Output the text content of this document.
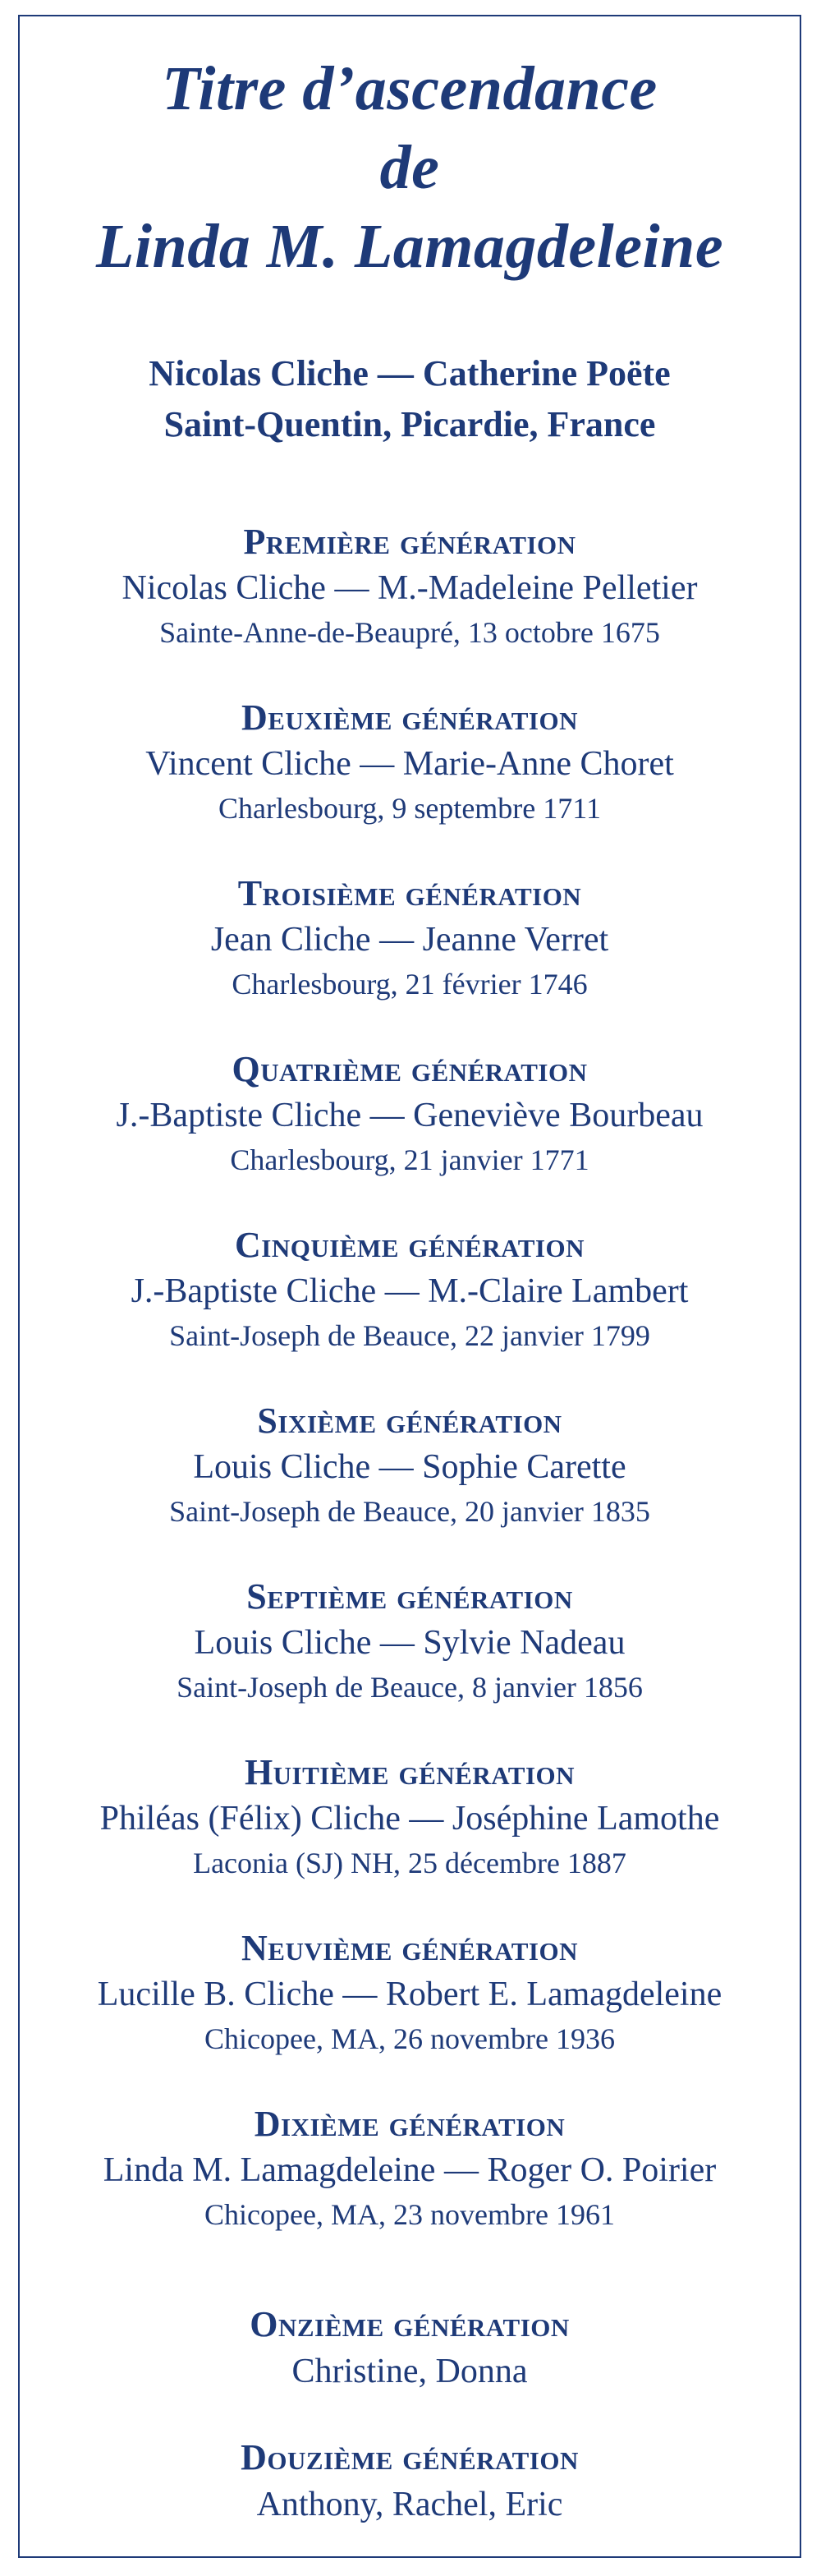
Titre d’ascendance
de
Linda M. Lamagdeleine
Nicolas Cliche — Catherine Poëte
Saint-Quentin, Picardie, France
Première génération
Nicolas Cliche — M.-Madeleine Pelletier
Sainte-Anne-de-Beaupré, 13 octobre 1675
Deuxième génération
Vincent Cliche — Marie-Anne Choret
Charlesbourg, 9 septembre 1711
Troisième génération
Jean Cliche — Jeanne Verret
Charlesbourg, 21 février 1746
Quatrième génération
J.-Baptiste Cliche — Geneviève Bourbeau
Charlesbourg, 21 janvier 1771
Cinquième génération
J.-Baptiste Cliche — M.-Claire Lambert
Saint-Joseph de Beauce, 22 janvier 1799
Sixième génération
Louis Cliche — Sophie Carette
Saint-Joseph de Beauce, 20 janvier 1835
Septième génération
Louis Cliche — Sylvie Nadeau
Saint-Joseph de Beauce, 8 janvier 1856
Huitième génération
Philéas (Félix) Cliche — Joséphine Lamothe
Laconia (SJ) NH, 25 décembre 1887
Neuvième génération
Lucille B. Cliche — Robert E. Lamagdeleine
Chicopee, MA, 26 novembre 1936
Dixième génération
Linda M. Lamagdeleine — Roger O. Poirier
Chicopee, MA, 23 novembre 1961
Onzième génération
Christine, Donna
Douzième génération
Anthony, Rachel, Eric
